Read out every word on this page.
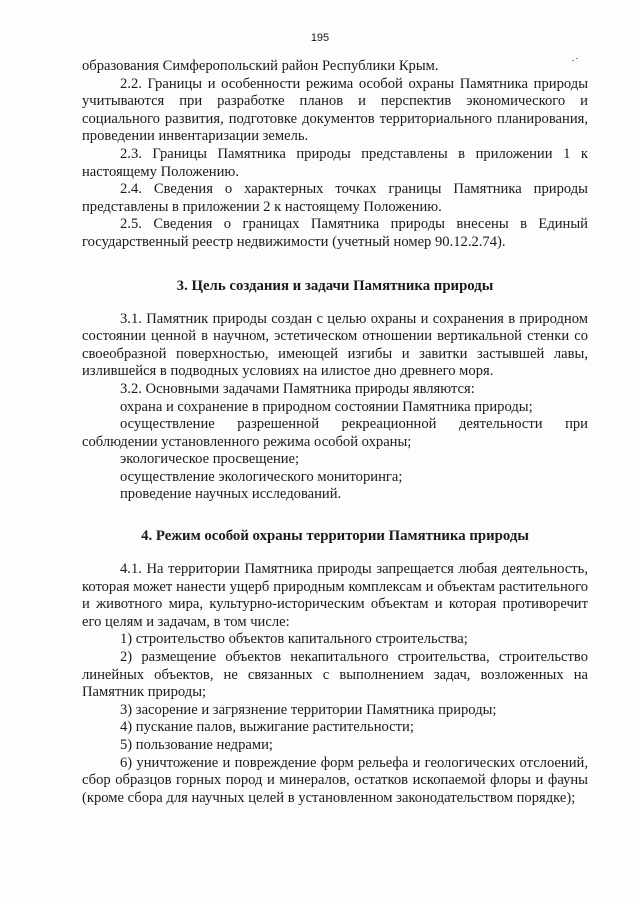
195

образования Симферопольский район Республики Крым.

2.2. Границы и особенности режима особой охраны Памятника природы учитываются при разработке планов и перспектив экономического и социального развития, подготовке документов территориального планирования, проведении инвентаризации земель.

2.3. Границы Памятника природы представлены в приложении 1 к настоящему Положению.

2.4. Сведения о характерных точках границы Памятника природы представлены в приложении 2 к настоящему Положению.

2.5. Сведения о границах Памятника природы внесены в Единый государственный реестр недвижимости (учетный номер 90.12.2.74).

3. Цель создания и задачи Памятника природы

3.1. Памятник природы создан с целью охраны и сохранения в природном состоянии ценной в научном, эстетическом отношении вертикальной стенки со своеобразной поверхностью, имеющей изгибы и завитки застывшей лавы, излившейся в подводных условиях на илистое дно древнего моря.

3.2. Основными задачами Памятника природы являются:

охрана и сохранение в природном состоянии Памятника природы;

осуществление разрешенной рекреационной деятельности при соблюдении установленного режима особой охраны;

экологическое просвещение;

осуществление экологического мониторинга;

проведение научных исследований.

4. Режим особой охраны территории Памятника природы

4.1. На территории Памятника природы запрещается любая деятельность, которая может нанести ущерб природным комплексам и объектам растительного и животного мира, культурно-историческим объектам и которая противоречит его целям и задачам, в том числе:

1) строительство объектов капитального строительства;

2) размещение объектов некапитального строительства, строительство линейных объектов, не связанных с выполнением задач, возложенных на Памятник природы;

3) засорение и загрязнение территории Памятника природы;

4) пускание палов, выжигание растительности;

5) пользование недрами;

6) уничтожение и повреждение форм рельефа и геологических отслоений, сбор образцов горных пород и минералов, остатков ископаемой флоры и фауны (кроме сбора для научных целей в установленном законодательством порядке);
